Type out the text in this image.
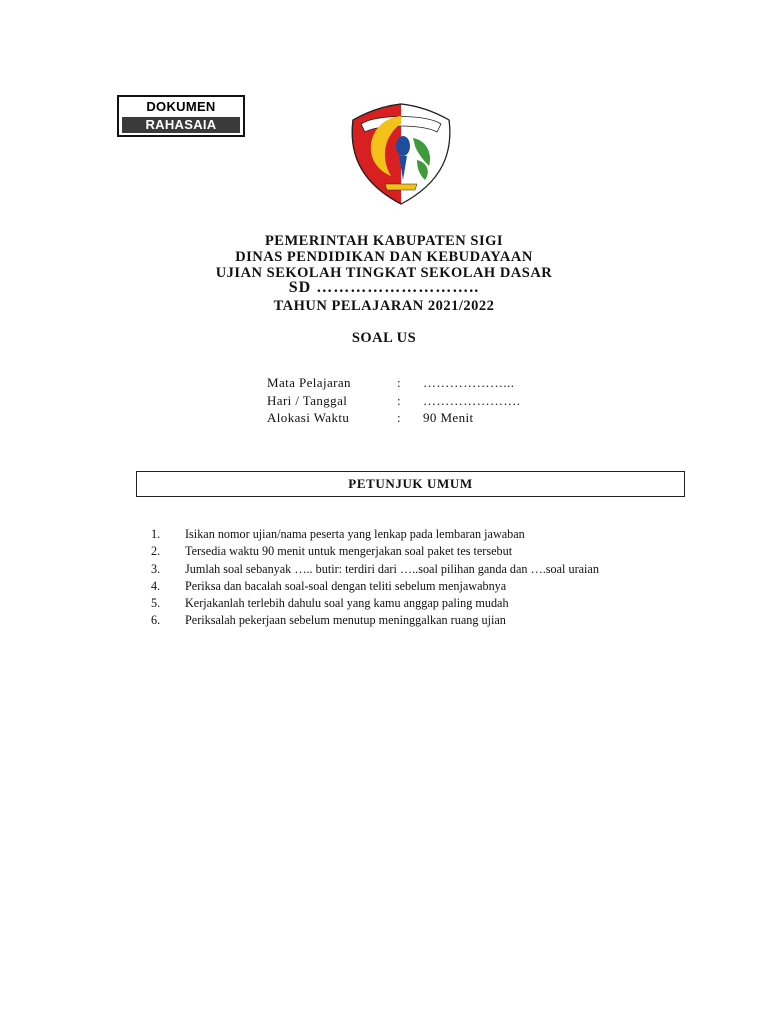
DOKUMEN
RAHASAIA
PEMERINTAH KABUPATEN SIGI
DINAS PENDIDIKAN DAN KEBUDAYAAN
UJIAN SEKOLAH TINGKAT SEKOLAH DASAR
SD ………………………..
TAHUN PELAJARAN 2021/2022
SOAL US
Mata Pelajaran	:	………………...
Hari / Tanggal	:	………………….
Alokasi Waktu	:	90 Menit
PETUNJUK UMUM
1.	Isikan nomor ujian/nama peserta yang lenkap pada lembaran jawaban
2.	Tersedia waktu 90 menit untuk mengerjakan soal paket tes tersebut
3.	Jumlah soal sebanyak ….. butir: terdiri dari …..soal pilihan ganda dan ….soal uraian
4.	Periksa dan bacalah soal-soal dengan teliti sebelum menjawabnya
5.	Kerjakanlah terlebih dahulu soal yang kamu anggap paling mudah
6.	Periksalah pekerjaan sebelum menutup meninggalkan ruang ujian
